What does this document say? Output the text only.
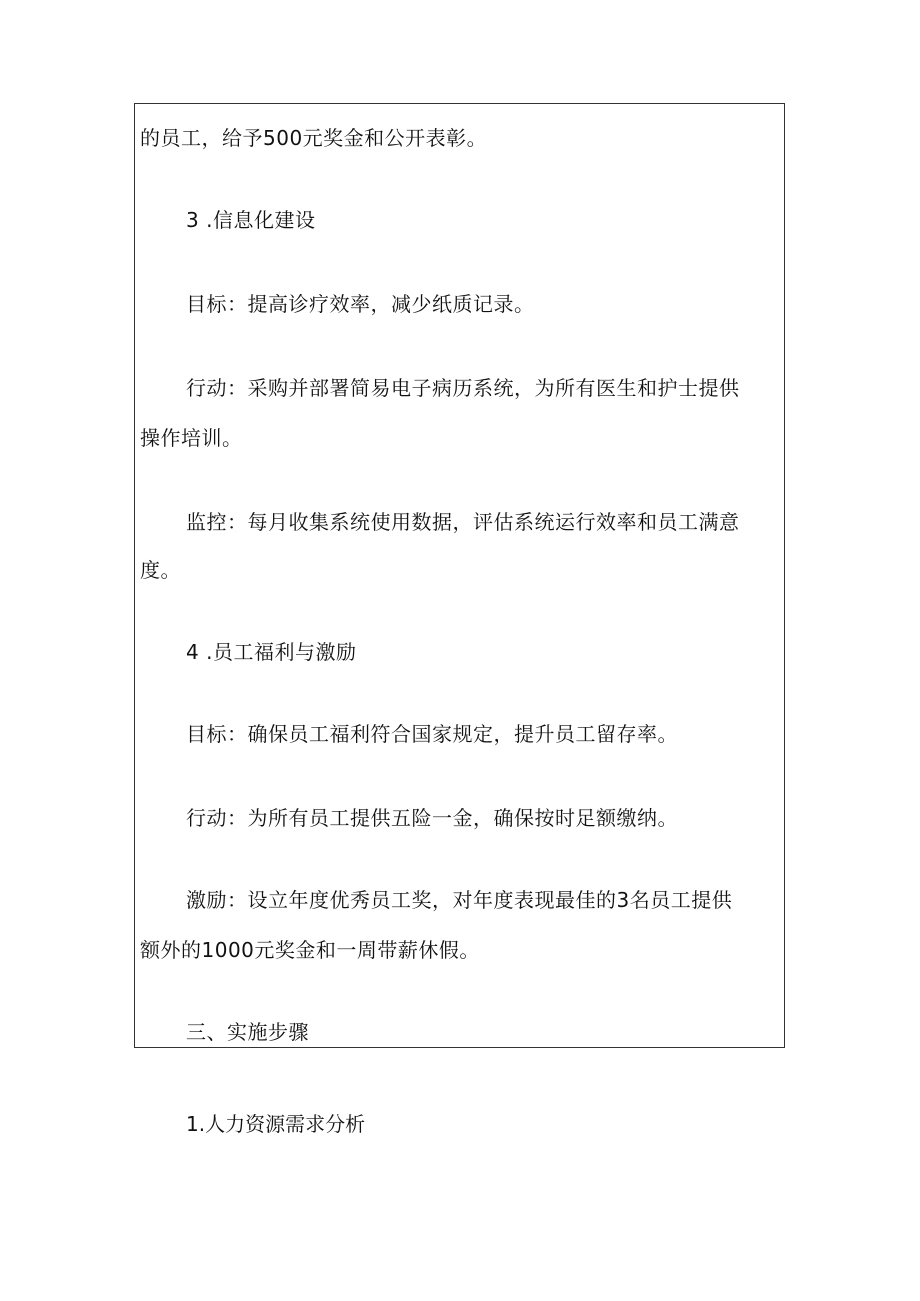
的员工，给予500元奖金和公开表彰。
3 .信息化建设
目标：提高诊疗效率，减少纸质记录。
行动：采购并部署简易电子病历系统，为所有医生和护士提供
操作培训。
监控：每月收集系统使用数据，评估系统运行效率和员工满意
度。
4 .员工福利与激励
目标：确保员工福利符合国家规定，提升员工留存率。
行动：为所有员工提供五险一金，确保按时足额缴纳。
激励：设立年度优秀员工奖，对年度表现最佳的3名员工提供
额外的1000元奖金和一周带薪休假。
三、实施步骤
1.人力资源需求分析
